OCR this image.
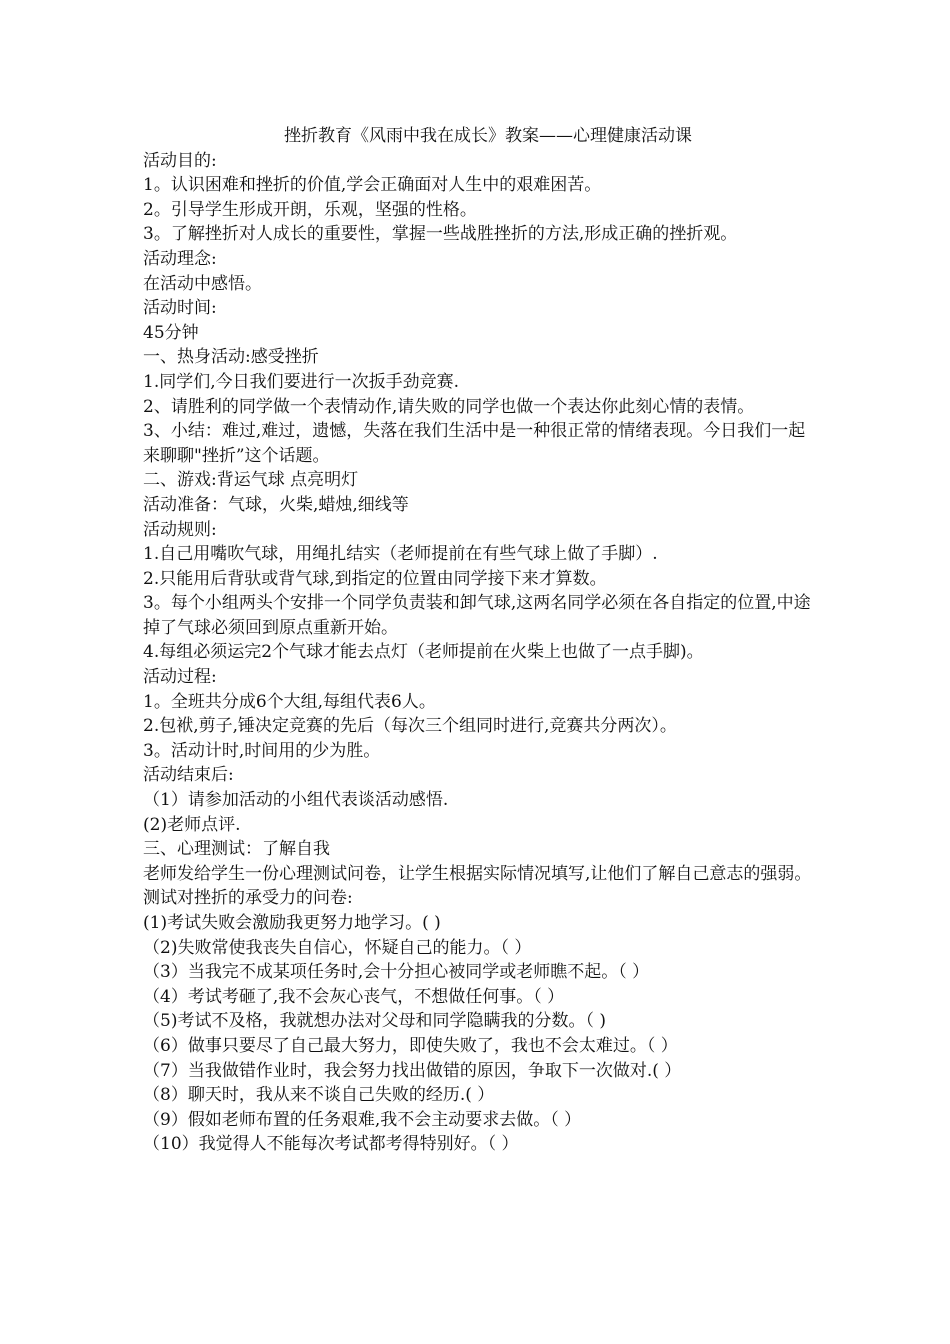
挫折教育《风雨中我在成长》教案——心理健康活动课

活动目的:

1。认识困难和挫折的价值,学会正确面对人生中的艰难困苦。

2。引导学生形成开朗，乐观，坚强的性格。

3。了解挫折对人成长的重要性，掌握一些战胜挫折的方法,形成正确的挫折观。

活动理念:

在活动中感悟。

活动时间:

45分钟

一、热身活动:感受挫折

1.同学们,今日我们要进行一次扳手劲竞赛.

2、请胜利的同学做一个表情动作,请失败的同学也做一个表达你此刻心情的表情。

3、小结：难过,难过，遗憾，失落在我们生活中是一种很正常的情绪表现。今日我们一起来聊聊"挫折”这个话题。

二、游戏:背运气球 点亮明灯

活动准备：气球，火柴,蜡烛,细线等

活动规则:

1.自己用嘴吹气球，用绳扎结实（老师提前在有些气球上做了手脚）.

2.只能用后背驮或背气球,到指定的位置由同学接下来才算数。

3。每个小组两头个安排一个同学负责装和卸气球,这两名同学必须在各自指定的位置,中途掉了气球必须回到原点重新开始。

4.每组必须运完2个气球才能去点灯（老师提前在火柴上也做了一点手脚)。

活动过程:

1。全班共分成6个大组,每组代表6人。

2.包袱,剪子,锤决定竞赛的先后（每次三个组同时进行,竞赛共分两次）。

3。活动计时,时间用的少为胜。

活动结束后:

（1）请参加活动的小组代表谈活动感悟.

(2)老师点评.

三、心理测试：了解自我

老师发给学生一份心理测试问卷，让学生根据实际情况填写,让他们了解自己意志的强弱。

测试对挫折的承受力的问卷:

(1)考试失败会激励我更努力地学习。( )

（2)失败常使我丧失自信心，怀疑自己的能力。（ ）

（3）当我完不成某项任务时,会十分担心被同学或老师瞧不起。（ ）

（4）考试考砸了,我不会灰心丧气，不想做任何事。（ ）

（5)考试不及格，我就想办法对父母和同学隐瞒我的分数。（ )

（6）做事只要尽了自己最大努力，即使失败了，我也不会太难过。（ ）

（7）当我做错作业时，我会努力找出做错的原因，争取下一次做对.( ）

（8）聊天时，我从来不谈自己失败的经历.( ）

（9）假如老师布置的任务艰难,我不会主动要求去做。（ ）

（10）我觉得人不能每次考试都考得特别好。（ ）
